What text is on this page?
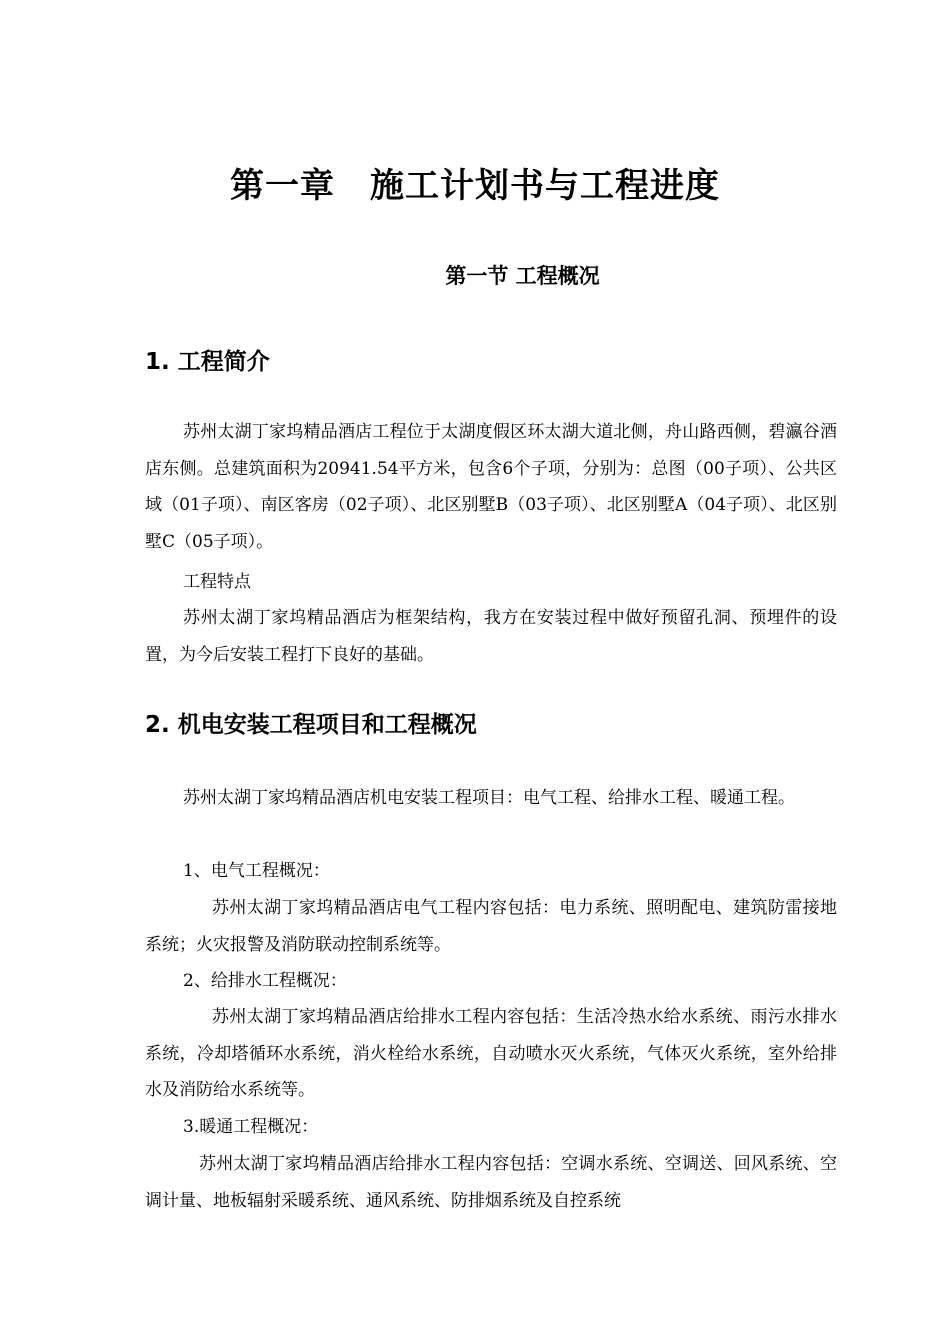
第一章　施工计划书与工程进度
第一节 工程概况
1. 工程简介
苏州太湖丁家坞精品酒店工程位于太湖度假区环太湖大道北侧，舟山路西侧，碧瀛谷酒店东侧。总建筑面积为20941.54平方米，包含6个子项，分别为：总图（00子项）、公共区域（01子项）、南区客房（02子项）、北区别墅B（03子项）、北区别墅A（04子项）、北区别墅C（05子项）。
工程特点
苏州太湖丁家坞精品酒店为框架结构，我方在安装过程中做好预留孔洞、预埋件的设置，为今后安装工程打下良好的基础。
2. 机电安装工程项目和工程概况
苏州太湖丁家坞精品酒店机电安装工程项目：电气工程、给排水工程、暖通工程。
1、电气工程概况：
苏州太湖丁家坞精品酒店电气工程内容包括：电力系统、照明配电、建筑防雷接地系统；火灾报警及消防联动控制系统等。
2、给排水工程概况：
苏州太湖丁家坞精品酒店给排水工程内容包括：生活冷热水给水系统、雨污水排水系统，冷却塔循环水系统，消火栓给水系统，自动喷水灭火系统，气体灭火系统，室外给排水及消防给水系统等。
3.暖通工程概况：
苏州太湖丁家坞精品酒店给排水工程内容包括：空调水系统、空调送、回风系统、空调计量、地板辐射采暖系统、通风系统、防排烟系统及自控系统
